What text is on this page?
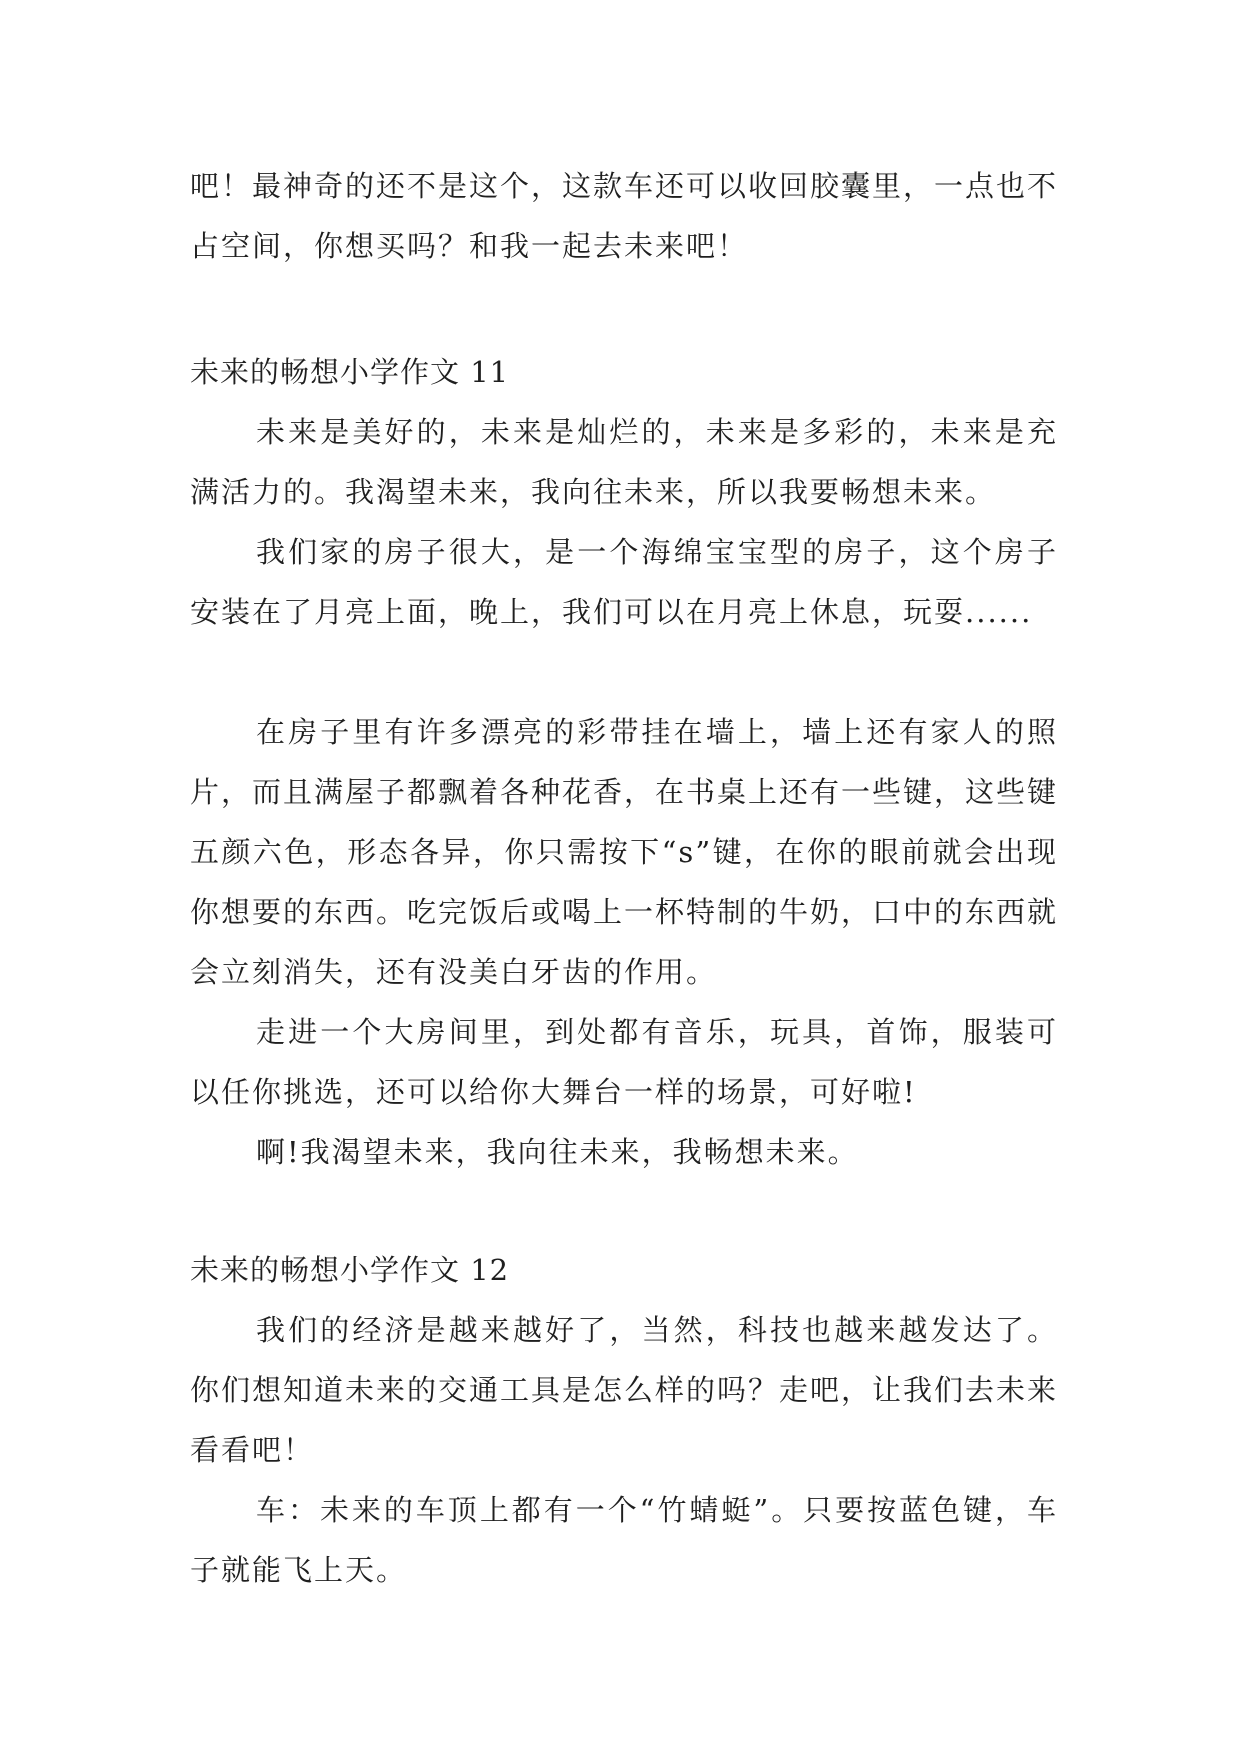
吧！最神奇的还不是这个，这款车还可以收回胶囊里，一点也不占空间，你想买吗？和我一起去未来吧！

未来的畅想小学作文 11

未来是美好的，未来是灿烂的，未来是多彩的，未来是充满活力的。我渴望未来，我向往未来，所以我要畅想未来。

我们家的房子很大，是一个海绵宝宝型的房子，这个房子安装在了月亮上面，晚上，我们可以在月亮上休息，玩耍......

在房子里有许多漂亮的彩带挂在墙上，墙上还有家人的照片，而且满屋子都飘着各种花香，在书桌上还有一些键，这些键五颜六色，形态各异，你只需按下“s”键，在你的眼前就会出现你想要的东西。吃完饭后或喝上一杯特制的牛奶，口中的东西就会立刻消失，还有没美白牙齿的作用。

走进一个大房间里，到处都有音乐，玩具，首饰，服装可以任你挑选，还可以给你大舞台一样的场景，可好啦!

啊!我渴望未来，我向往未来，我畅想未来。

未来的畅想小学作文 12

我们的经济是越来越好了，当然，科技也越来越发达了。你们想知道未来的交通工具是怎么样的吗？走吧，让我们去未来看看吧！

车：未来的车顶上都有一个“竹蜻蜓”。只要按蓝色键，车子就能飞上天。
